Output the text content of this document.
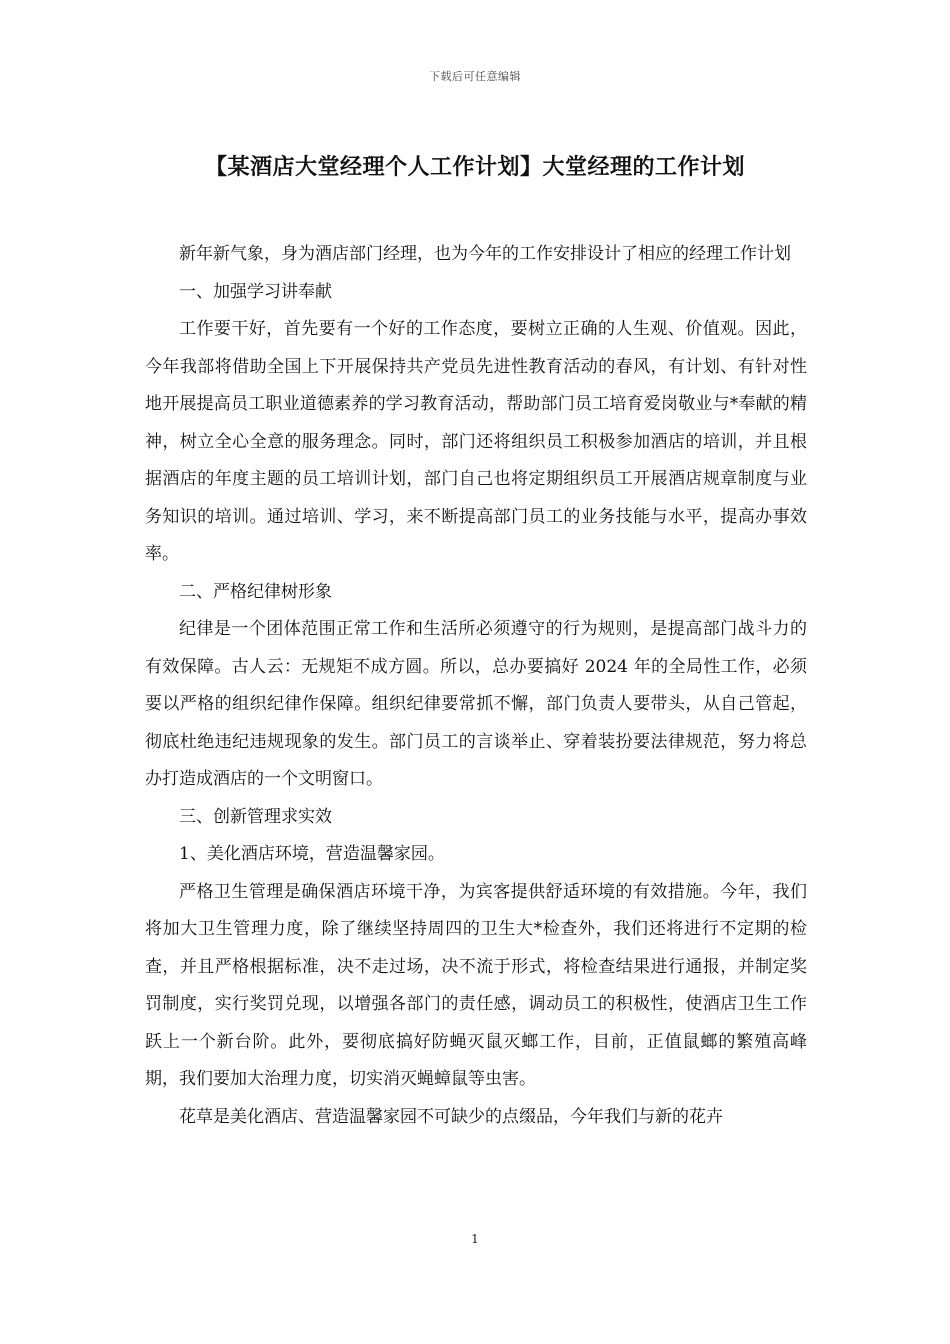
下载后可任意编辑
【某酒店大堂经理个人工作计划】大堂经理的工作计划

新年新气象，身为酒店部门经理，也为今年的工作安排设计了相应的经理工作计划

一、加强学习讲奉献

工作要干好，首先要有一个好的工作态度，要树立正确的人生观、价值观。因此，今年我部将借助全国上下开展保持共产党员先进性教育活动的春风，有计划、有针对性地开展提高员工职业道德素养的学习教育活动，帮助部门员工培育爱岗敬业与*奉献的精神，树立全心全意的服务理念。同时，部门还将组织员工积极参加酒店的培训，并且根据酒店的年度主题的员工培训计划，部门自己也将定期组织员工开展酒店规章制度与业务知识的培训。通过培训、学习，来不断提高部门员工的业务技能与水平，提高办事效率。

二、严格纪律树形象

纪律是一个团体范围正常工作和生活所必须遵守的行为规则，是提高部门战斗力的有效保障。古人云：无规矩不成方圆。所以，总办要搞好 2024 年的全局性工作，必须要以严格的组织纪律作保障。组织纪律要常抓不懈，部门负责人要带头，从自己管起，彻底杜绝违纪违规现象的发生。部门员工的言谈举止、穿着装扮要法律规范，努力将总办打造成酒店的一个文明窗口。

三、创新管理求实效

1、美化酒店环境，营造温馨家园。

严格卫生管理是确保酒店环境干净，为宾客提供舒适环境的有效措施。今年，我们将加大卫生管理力度，除了继续坚持周四的卫生大*检查外，我们还将进行不定期的检查，并且严格根据标准，决不走过场，决不流于形式，将检查结果进行通报，并制定奖罚制度，实行奖罚兑现，以增强各部门的责任感，调动员工的积极性，使酒店卫生工作跃上一个新台阶。此外，要彻底搞好防蝇灭鼠灭螂工作，目前，正值鼠螂的繁殖高峰期，我们要加大治理力度，切实消灭蝇蟑鼠等虫害。

花草是美化酒店、营造温馨家园不可缺少的点缀品，今年我们与新的花卉

1
